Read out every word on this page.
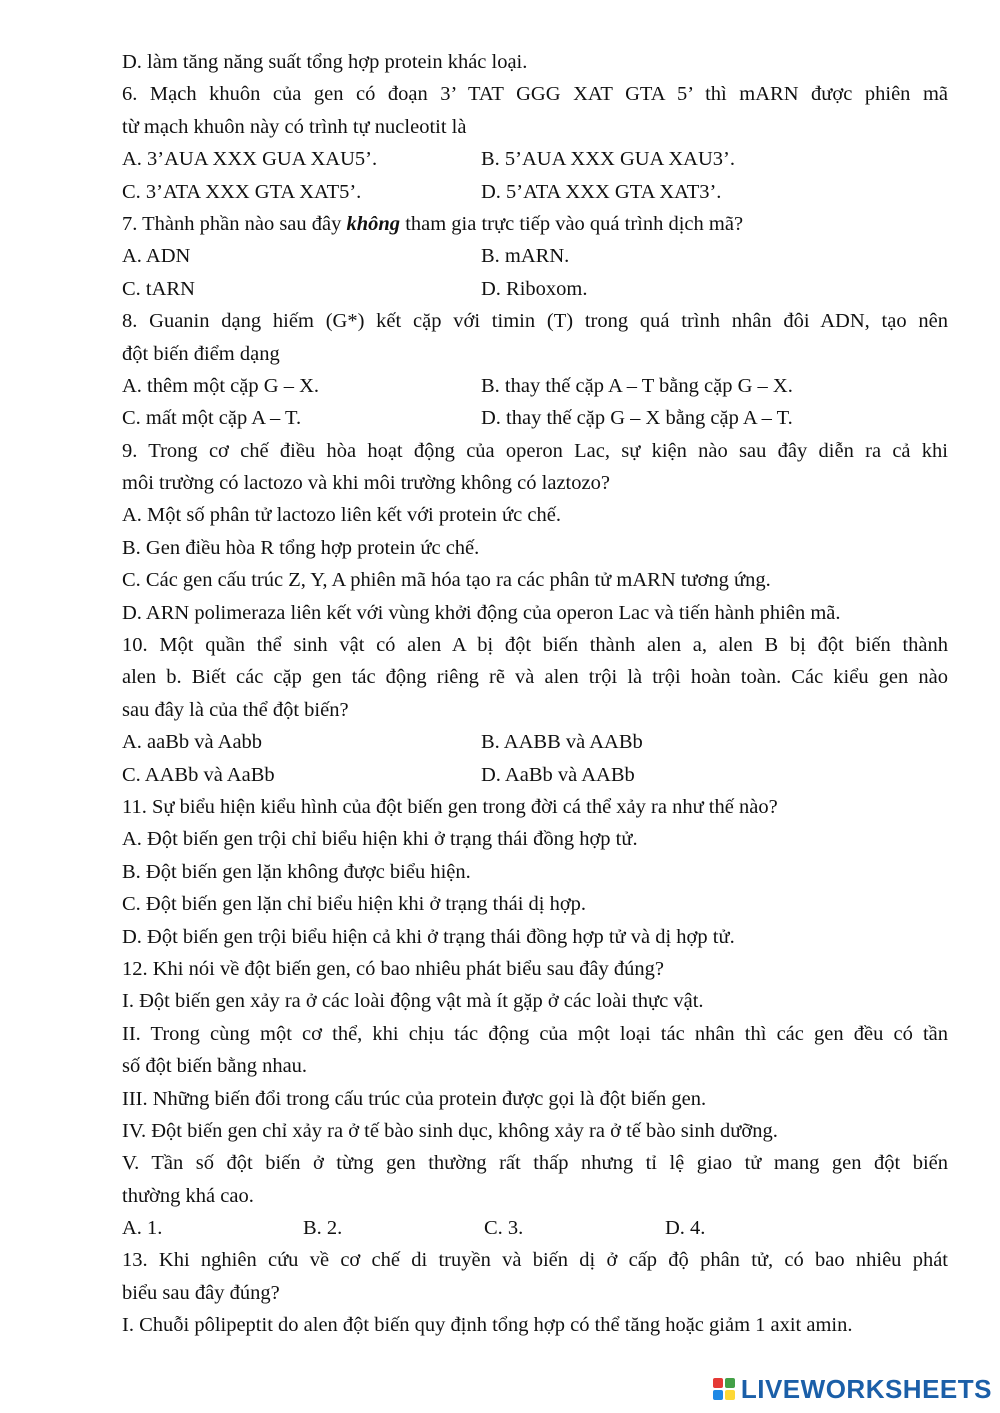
D. làm tăng năng suất tổng hợp protein khác loại.
6. Mạch khuôn của gen có đoạn 3’ TAT GGG XAT GTA 5’ thì mARN được phiên mã
từ mạch khuôn này có trình tự nucleotit là
A. 3’AUA XXX GUA XAU5’.	B. 5’AUA XXX GUA XAU3’.
C. 3’ATA XXX GTA XAT5’.	D. 5’ATA XXX GTA XAT3’.
7. Thành phần nào sau đây không tham gia trực tiếp vào quá trình dịch mã?
A. ADN	B. mARN.
C. tARN	D. Riboxom.
8. Guanin dạng hiếm (G*) kết cặp với timin (T) trong quá trình nhân đôi ADN, tạo nên
đột biến điểm dạng
A. thêm một cặp G – X.	B. thay thế cặp A – T bằng cặp G – X.
C. mất một cặp A – T.	D. thay thế cặp G – X bằng cặp A – T.
9. Trong cơ chế điều hòa hoạt động của operon Lac, sự kiện nào sau đây diễn ra cả khi
môi trường có lactozo và khi môi trường không có laztozo?
A. Một số phân tử lactozo liên kết với protein ức chế.
B. Gen điều hòa R tổng hợp protein ức chế.
C. Các gen cấu trúc Z, Y, A phiên mã hóa tạo ra các phân tử mARN tương ứng.
D. ARN polimeraza liên kết với vùng khởi động của operon Lac và tiến hành phiên mã.
10. Một quần thể sinh vật có alen A bị đột biến thành alen a, alen B bị đột biến thành
alen b. Biết các cặp gen tác động riêng rẽ và alen trội là trội hoàn toàn. Các kiểu gen nào
sau đây là của thể đột biến?
A. aaBb và Aabb	B. AABB và AABb
C. AABb và AaBb	D. AaBb và AABb
11. Sự biểu hiện kiểu hình của đột biến gen trong đời cá thể xảy ra như thế nào?
A. Đột biến gen trội chỉ biểu hiện khi ở trạng thái đồng hợp tử.
B. Đột biến gen lặn không được biểu hiện.
C. Đột biến gen lặn chỉ biểu hiện khi ở trạng thái dị hợp.
D. Đột biến gen trội biểu hiện cả khi ở trạng thái đồng hợp tử và dị hợp tử.
12. Khi nói về đột biến gen, có bao nhiêu phát biểu sau đây đúng?
I. Đột biến gen xảy ra ở các loài động vật mà ít gặp ở các loài thực vật.
II. Trong cùng một cơ thể, khi chịu tác động của một loại tác nhân thì các gen đều có tần
số đột biến bằng nhau.
III. Những biến đổi trong cấu trúc của protein được gọi là đột biến gen.
IV. Đột biến gen chỉ xảy ra ở tế bào sinh dục, không xảy ra ở tế bào sinh dưỡng.
V. Tần số đột biến ở từng gen thường rất thấp nhưng tỉ lệ giao tử mang gen đột biến
thường khá cao.
A. 1.	B. 2.	C. 3.	D. 4.
13. Khi nghiên cứu về cơ chế di truyền và biến dị ở cấp độ phân tử, có bao nhiêu phát
biểu sau đây đúng?
I. Chuỗi pôlipeptit do alen đột biến quy định tổng hợp có thể tăng hoặc giảm 1 axit amin.
LIVEWORKSHEETS
